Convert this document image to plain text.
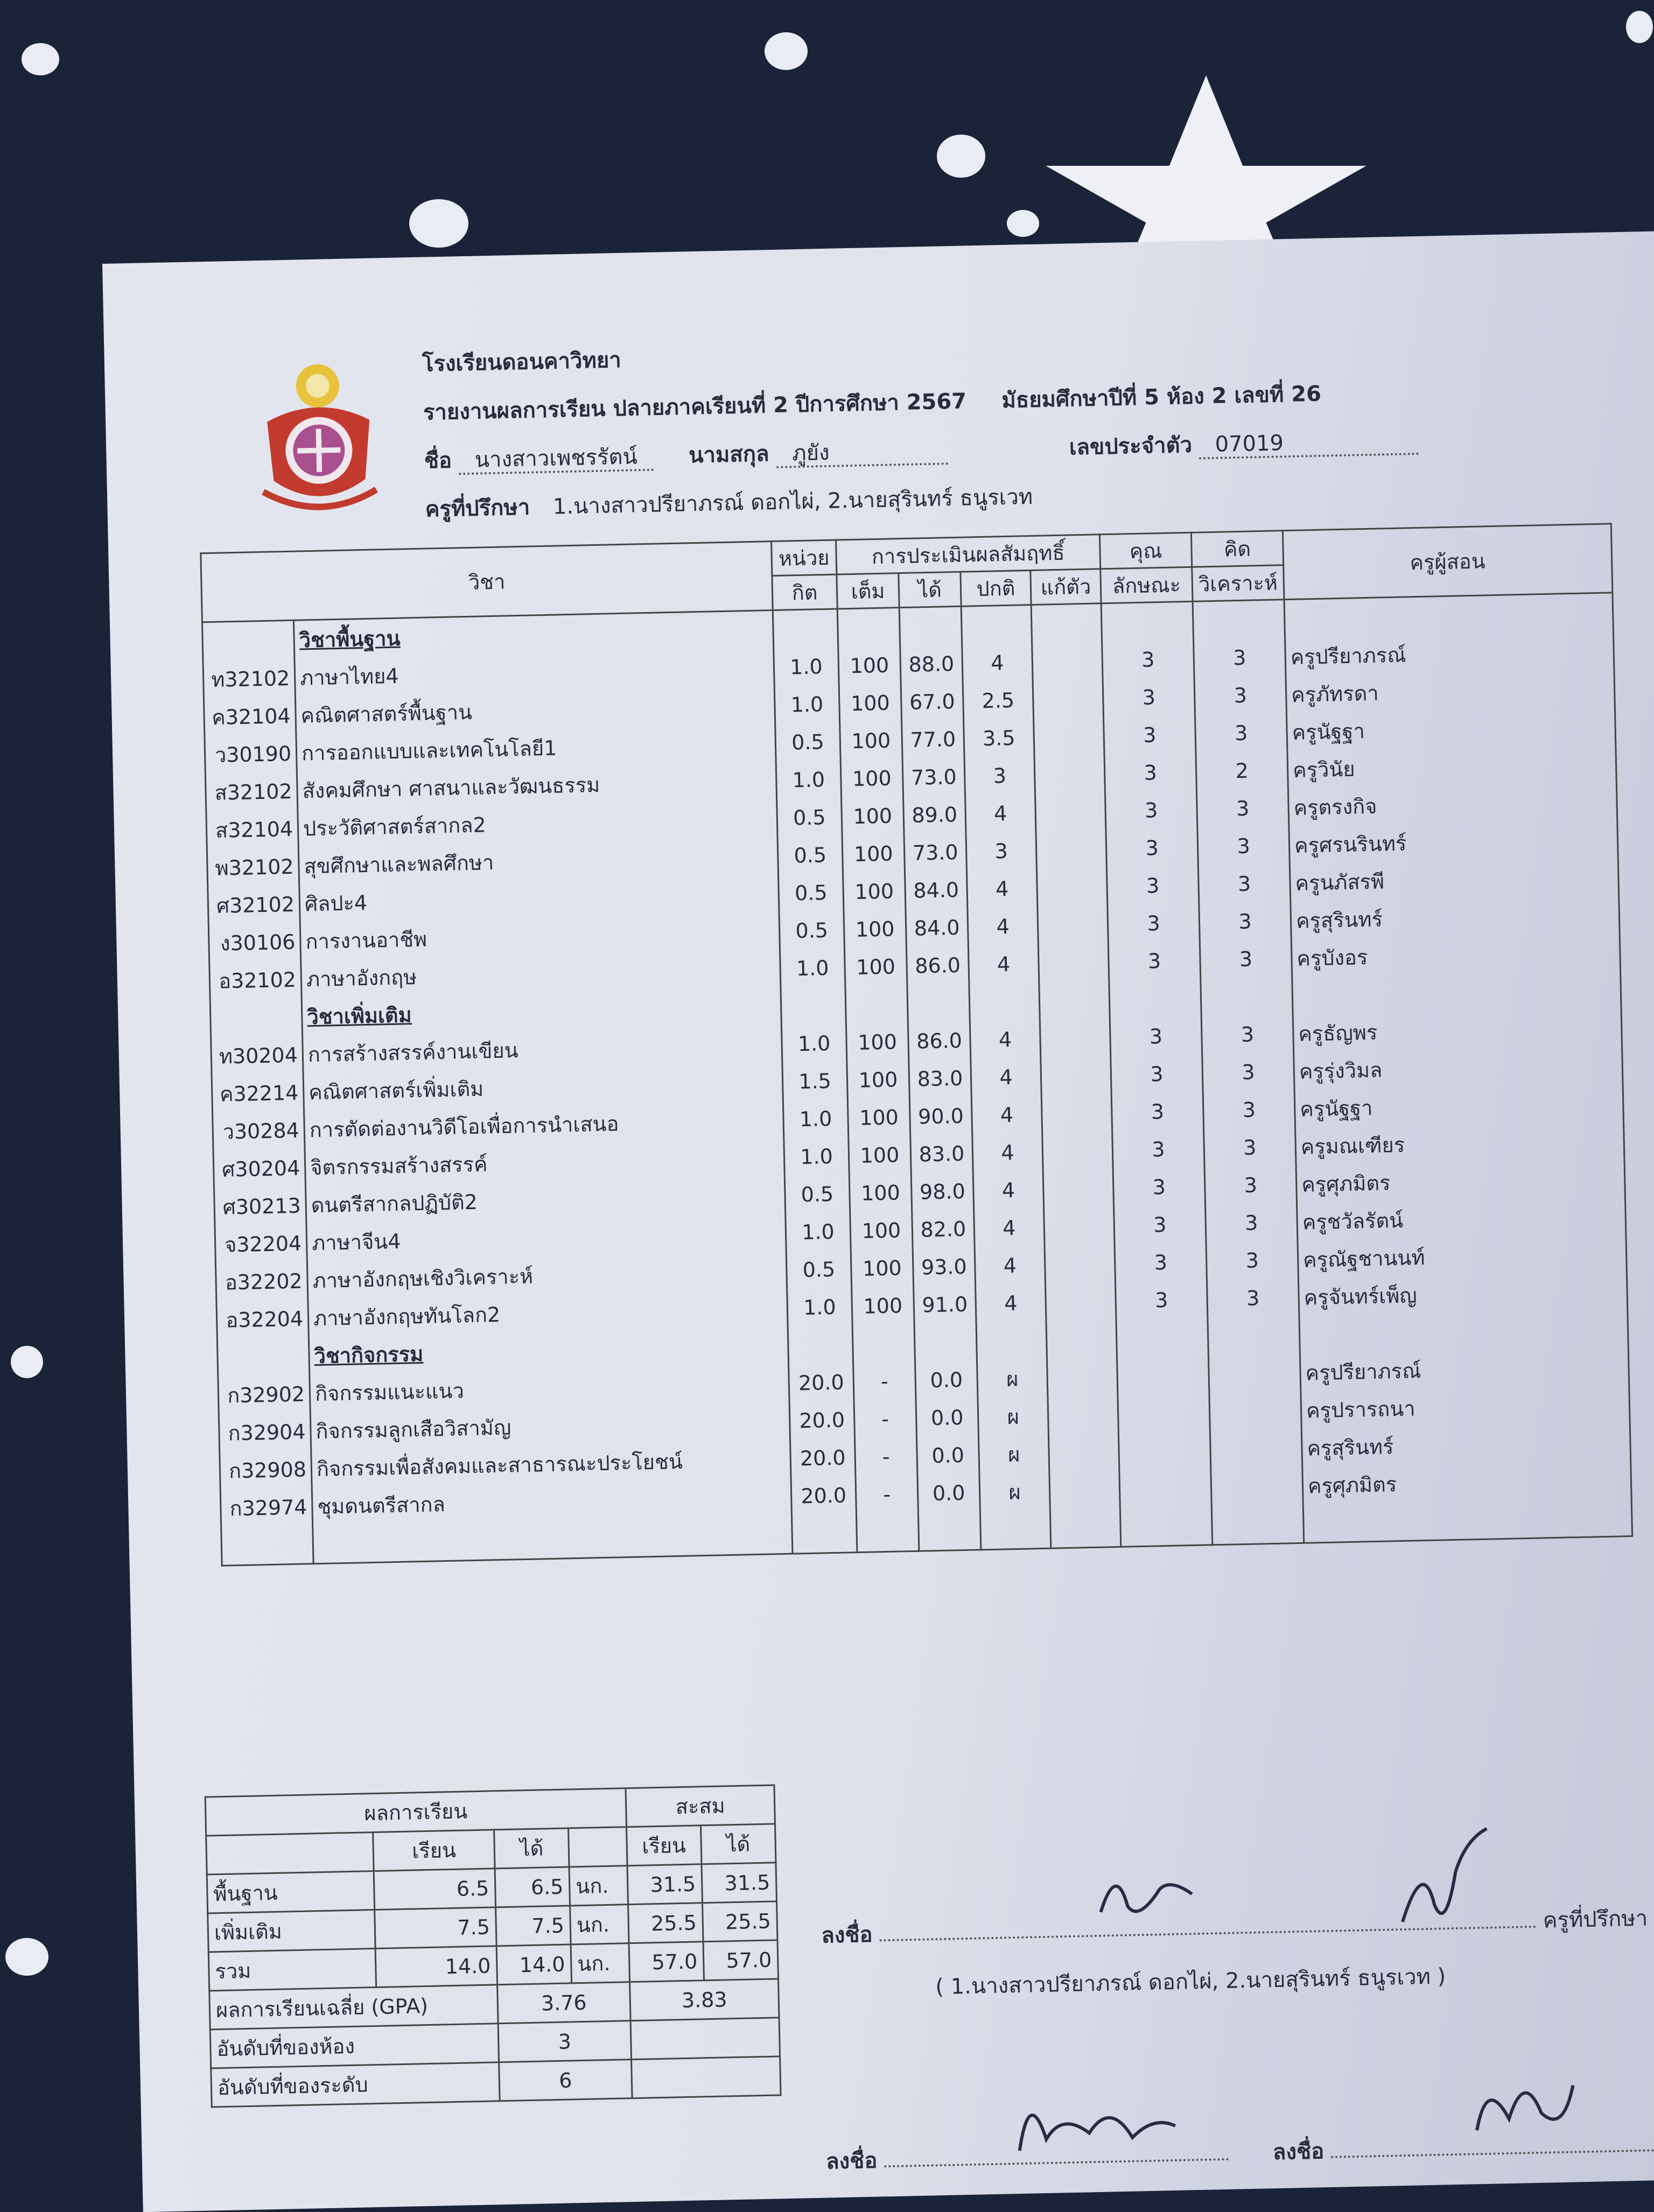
โรงเรียนดอนคาวิทยา
รายงานผลการเรียน ปลายภาคเรียนที่ 2 ปีการศึกษา 2567 มัธยมศึกษาปีที่ 5 ห้อง 2 เลขที่ 26
ชื่อ นางสาวเพชรรัตน์ นามสกุล ภูยัง	เลขประจำตัว 07019
ครูที่ปรึกษา 1.นางสาวปรียาภรณ์ ดอกไผ่, 2.นายสุรินทร์ ธนูรเวท
วิชา		หน่วย	การประเมินผลสัมฤทธิ์				คุณ	คิด	ครูผู้สอน
		กิต	เต็ม	ได้	ปกติ	แก้ตัว	ลักษณะ	วิเคราะห์	
	วิชาพื้นฐาน								
ท32102	ภาษาไทย4	1.0	100	88.0	4		3	3	ครูปรียาภรณ์
ค32104	คณิตศาสตร์พื้นฐาน	1.0	100	67.0	2.5		3	3	ครูภัทรดา
ว30190	การออกแบบและเทคโนโลยี1	0.5	100	77.0	3.5		3	3	ครูนัฐฐา
ส32102	สังคมศึกษา ศาสนาและวัฒนธรรม	1.0	100	73.0	3		3	2	ครูวินัย
ส32104	ประวัติศาสตร์สากล2	0.5	100	89.0	4		3	3	ครูตรงกิจ
พ32102	สุขศึกษาและพลศึกษา	0.5	100	73.0	3		3	3	ครูศรนรินทร์
ศ32102	ศิลปะ4	0.5	100	84.0	4		3	3	ครูนภัสรพี
ง30106	การงานอาชีพ	0.5	100	84.0	4		3	3	ครูสุรินทร์
อ32102	ภาษาอังกฤษ	1.0	100	86.0	4		3	3	ครูบังอร
	วิชาเพิ่มเติม								
ท30204	การสร้างสรรค์งานเขียน	1.0	100	86.0	4		3	3	ครูธัญพร
ค32214	คณิตศาสตร์เพิ่มเติม	1.5	100	83.0	4		3	3	ครูรุ่งวิมล
ว30284	การตัดต่องานวิดีโอเพื่อการนำเสนอ	1.0	100	90.0	4		3	3	ครูนัฐฐา
ศ30204	จิตรกรรมสร้างสรรค์	1.0	100	83.0	4		3	3	ครูมณเฑียร
ศ30213	ดนตรีสากลปฏิบัติ2	0.5	100	98.0	4		3	3	ครูศุภมิตร
จ32204	ภาษาจีน4	1.0	100	82.0	4		3	3	ครูชวัลรัตน์
อ32202	ภาษาอังกฤษเชิงวิเคราะห์	0.5	100	93.0	4		3	3	ครูณัฐชานนท์
อ32204	ภาษาอังกฤษทันโลก2	1.0	100	91.0	4		3	3	ครูจันทร์เพ็ญ
	วิชากิจกรรม								
ก32902	กิจกรรมแนะแนว	20.0	-	0.0	ผ				ครูปรียาภรณ์
ก32904	กิจกรรมลูกเสือวิสามัญ	20.0	-	0.0	ผ				ครูปรารถนา
ก32908	กิจกรรมเพื่อสังคมและสาธารณะประโยชน์	20.0	-	0.0	ผ				ครูสุรินทร์
ก32974	ชุมดนตรีสากล	20.0	-	0.0	ผ				ครูศุภมิตร

ผลการเรียน				สะสม	
	เรียน	ได้		เรียน	ได้
พื้นฐาน	6.5	6.5	นก.	31.5	31.5
เพิ่มเติม	7.5	7.5	นก.	25.5	25.5
รวม	14.0	14.0	นก.	57.0	57.0
ผลการเรียนเฉลี่ย (GPA)		3.76		3.83	
อันดับที่ของห้อง		3			
อันดับที่ของระดับ		6			
ลงชื่อ  ครูที่ปรึกษา
( 1.นางสาวปรียาภรณ์ ดอกไผ่, 2.นายสุรินทร์ ธนูรเวท )
ลงชื่อ	ลงชื่อ
